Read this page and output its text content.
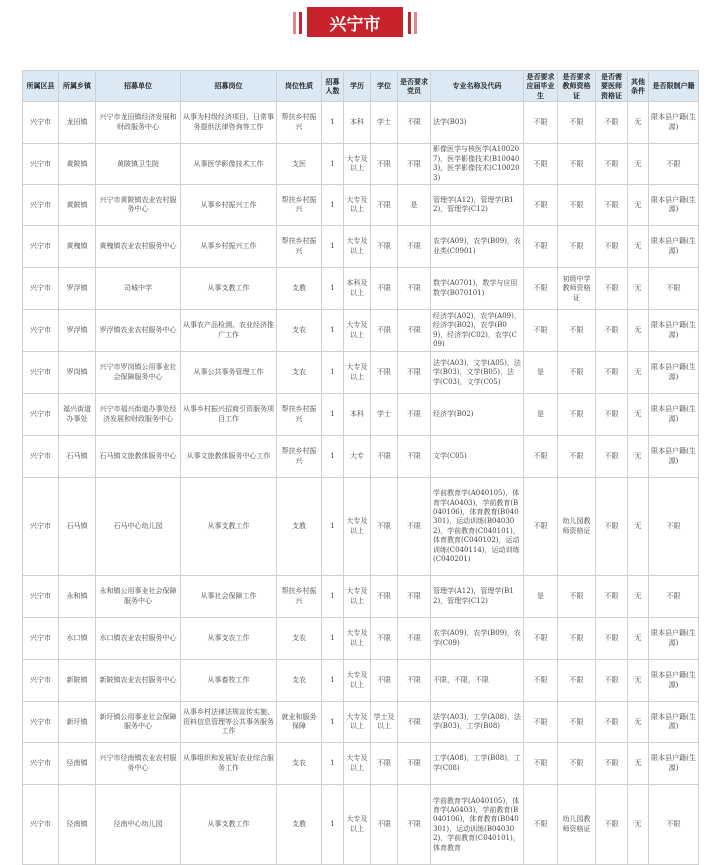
兴宁市
所属区县	所属乡镇	招募单位	招募岗位	岗位性质	招募人数	学历	学位	是否要求党员	专业名称及代码	是否要求应届毕业生	是否要求教师资格证	是否需要医师资格证	其他条件	是否限制户籍
兴宁市	龙田镇	兴宁市龙田镇经济发展和财政服务中心	从事为村级经济项目、日常事务提供法律咨询等工作	帮扶乡村振兴	1	本科	学士	不限	法学(B03)	不限	不限	不限	无	限本县户籍(生源)
兴宁市	黄陂镇	黄陂镇卫生院	从事医学影像技术工作	支医	1	大专及以上	不限	不限	影像医学与核医学(A100207)，医学影像技术(B100403)，医学影像技术(C100203)	不限	不限	不限	无	不限
兴宁市	黄陂镇	兴宁市黄陂镇农业农村服务中心	从事乡村振兴工作	帮扶乡村振兴	1	大专及以上	不限	是	管理学(A12)，管理学(B12)，管理学(C12)	不限	不限	不限	无	限本县户籍(生源)
兴宁市	黄槐镇	黄槐镇农业农村服务中心	从事乡村振兴工作	帮扶乡村振兴	1	大专及以上	不限	不限	农学(A09)，农学(B09)，农业类(C0901)	不限	不限	不限	无	限本县户籍(生源)
兴宁市	罗浮镇	司城中学	从事支教工作	支教	1	本科及以上	不限	不限	数学(A0701)，数学与应用数学(B070101)	不限	初级中学教师资格证	不限	无	不限
兴宁市	罗浮镇	罗浮镇农业农村服务中心	从事农产品检测、农业经济推广工作	支农	1	大专及以上	不限	不限	经济学(A02)，农学(A09)，经济学(B02)，农学(B09)，经济学(C02)，农学(C09)	不限	不限	不限	无	限本县户籍(生源)
兴宁市	罗岗镇	兴宁市罗岗镇公用事业社会保障服务中心	从事公共事务管理工作	支农	1	大专及以上	不限	不限	法学(A03)，文学(A05)，法学(B03)，文学(B05)，法学(C03)，文学(C05)	是	不限	不限	无	限本县户籍(生源)
兴宁市	福兴街道办事处	兴宁市福兴街道办事处经济发展和财政服务中心	从事乡村振兴招商引资服务项目工作	帮扶乡村振兴	1	本科	学士	不限	经济学(B02)	是	不限	不限	无	限本县户籍(生源)
兴宁市	石马镇	石马镇文旅教体服务中心	从事文旅教体服务中心工作	帮扶乡村振兴	1	大专	不限	不限	文学(C05)	不限	不限	不限	无	限本县户籍(生源)
兴宁市	石马镇	石马中心幼儿园	从事支教工作	支教	1	大专及以上	不限	不限	学前教育学(A040105)，体育学(A0403)，学前教育(B040106)，体育教育(B040301)，运动训练(B040302)，学前教育(C040101)，体育教育(C040102)，运动训练(C040114)，运动训练(C040201)	不限	幼儿园教师资格证	不限	无	不限
兴宁市	永和镇	永和镇公用事业社会保障服务中心	从事社会保障工作	帮扶乡村振兴	1	大专及以上	不限	不限	管理学(A12)，管理学(B12)，管理学(C12)	是	不限	不限	无	不限
兴宁市	水口镇	水口镇农业农村服务中心	从事支农工作	支农	1	大专及以上	不限	不限	农学(A09)，农学(B09)，农学(C09)	不限	不限	不限	无	限本县户籍(生源)
兴宁市	新陂镇	新陂镇农业农村服务中心	从事畜牧工作	支农	1	大专及以上	不限	不限	不限，不限，不限	不限	不限	不限	无	限本县户籍(生源)
兴宁市	新圩镇	新圩镇公用事业社会保障服务中心	从事乡村法律法规宣传实施、资料信息管理等公共事务服务工作	就业和服务保障	1	大专及以上	学士及以上	不限	法学(A03)，工学(A08)，法学(B03)，工学(B08)	不限	不限	不限	无	限本县户籍(生源)
兴宁市	径南镇	兴宁市径南镇农业农村服务中心	从事组织和发展好农业综合服务工作	支农	1	大专及以上	不限	不限	工学(A08)，工学(B08)，工学(C08)	不限	不限	不限	无	限本县户籍(生源)
兴宁市	径南镇	径南中心幼儿园	从事支教工作	支教	1	大专及以上	不限	不限	学前教育学(A040105)，体育学(A0403)，学前教育(B040106)，体育教育(B040301)，运动训练(B040302)，学前教育(C040101)，体育教育	不限	幼儿园教师资格证	不限	无	不限
